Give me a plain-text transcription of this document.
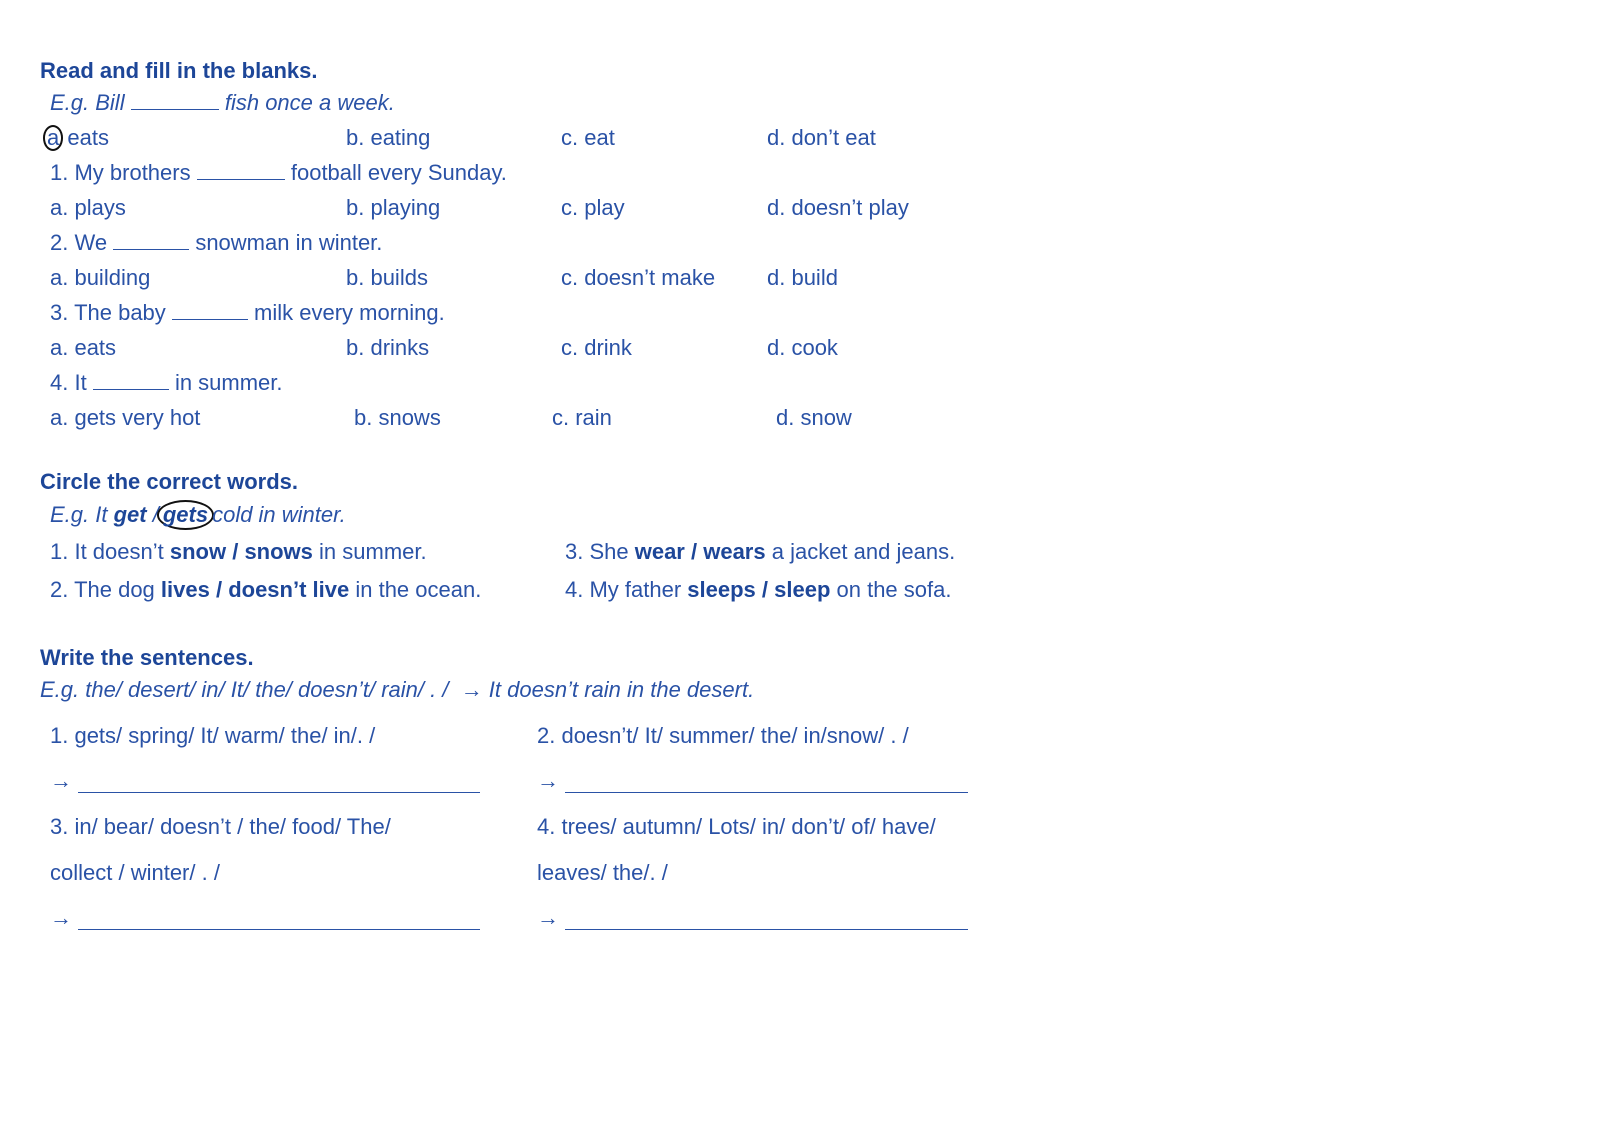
Read and fill in the blanks.
E.g. Bill	fish once a week.
a eats	b. eating	c. eat	d. don’t eat
1. My brothers	football every Sunday.
a. plays	b. playing	c. play	d. doesn’t play
2. We	snowman in winter.
a. building	b. builds	c. doesn’t make d. build
3. The baby	milk every morning.
a. eats	b. drinks	c. drink	d. cook
4. It	in summer.
a. gets very hot	b. snows	c. rain	d. snow
Circle the correct words.
E.g. It get / gets cold in winter.
1. It doesn’t snow / snows in summer.
2. The dog lives / doesn’t live in the ocean.
3. She wear / wears a jacket and jeans.
4. My father sleeps / sleep on the sofa.
Write the sentences.
E.g. the/ desert/ in/ It/ the/ doesn’t/ rain/ . / → It doesn’t rain in the desert.
1. gets/ spring/ It/ warm/ the/ in/. /	2. doesn’t/ It/ summer/ the/ in/snow/ . /
→	→
3. in/ bear/ doesn’t / the/ food/ The/
collect / winter/ . /
4. trees/ autumn/ Lots/ in/ don’t/ of/ have/
leaves/ the/. /
→	→
